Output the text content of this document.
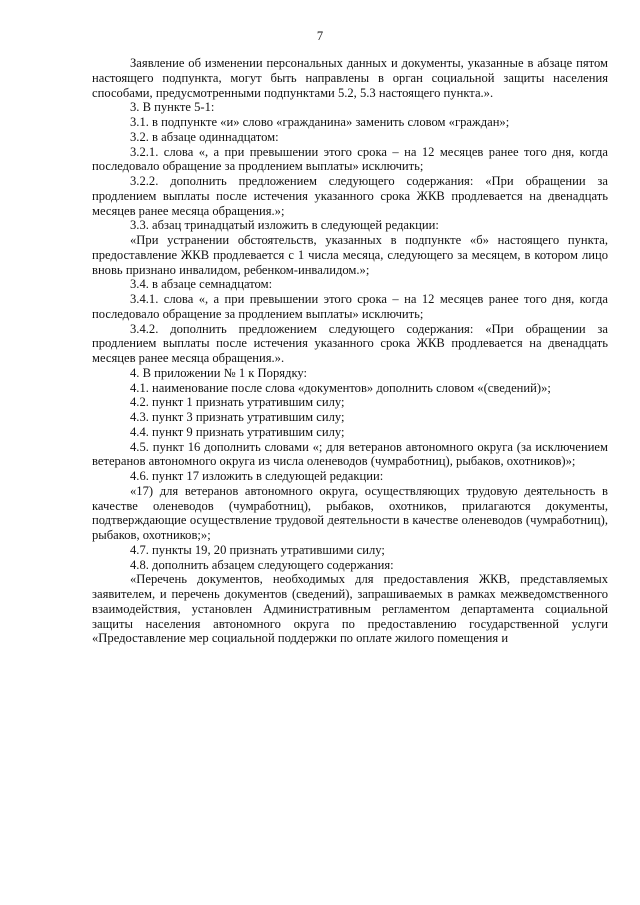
7

Заявление об изменении персональных данных и документы, указанные в абзаце пятом настоящего подпункта, могут быть направлены в орган социальной защиты населения способами, предусмотренными подпунктами 5.2, 5.3 настоящего пункта.».

3. В пункте 5-1:

3.1. в подпункте «и» слово «гражданина» заменить словом «граждан»;

3.2. в абзаце одиннадцатом:

3.2.1. слова «, а при превышении этого срока – на 12 месяцев ранее того дня, когда последовало обращение за продлением выплаты» исключить;

3.2.2. дополнить предложением следующего содержания: «При обращении за продлением выплаты после истечения указанного срока ЖКВ продлевается на двенадцать месяцев ранее месяца обращения.»;

3.3. абзац тринадцатый изложить в следующей редакции:

«При устранении обстоятельств, указанных в подпункте «б» настоящего пункта, предоставление ЖКВ продлевается с 1 числа месяца, следующего за месяцем, в котором лицо вновь признано инвалидом, ребенком-инвалидом.»;

3.4. в абзаце семнадцатом:

3.4.1. слова «, а при превышении этого срока – на 12 месяцев ранее того дня, когда последовало обращение за продлением выплаты» исключить;

3.4.2. дополнить предложением следующего содержания: «При обращении за продлением выплаты после истечения указанного срока ЖКВ продлевается на двенадцать месяцев ранее месяца обращения.».

4. В приложении № 1 к Порядку:

4.1. наименование после слова «документов» дополнить словом «(сведений)»;

4.2. пункт 1 признать утратившим силу;

4.3. пункт 3 признать утратившим силу;

4.4. пункт 9 признать утратившим силу;

4.5. пункт 16 дополнить словами «; для ветеранов автономного округа (за исключением ветеранов автономного округа из числа оленеводов (чумработниц), рыбаков, охотников)»;

4.6. пункт 17 изложить в следующей редакции:

«17) для ветеранов автономного округа, осуществляющих трудовую деятельность в качестве оленеводов (чумработниц), рыбаков, охотников, прилагаются документы, подтверждающие осуществление трудовой деятельности в качестве оленеводов (чумработниц), рыбаков, охотников;»;

4.7. пункты 19, 20 признать утратившими силу;

4.8. дополнить абзацем следующего содержания:

«Перечень документов, необходимых для предоставления ЖКВ, представляемых заявителем, и перечень документов (сведений), запрашиваемых в рамках межведомственного взаимодействия, установлен Административным регламентом департамента социальной защиты населения автономного округа по предоставлению государственной услуги «Предоставление мер социальной поддержки по оплате жилого помещения и
